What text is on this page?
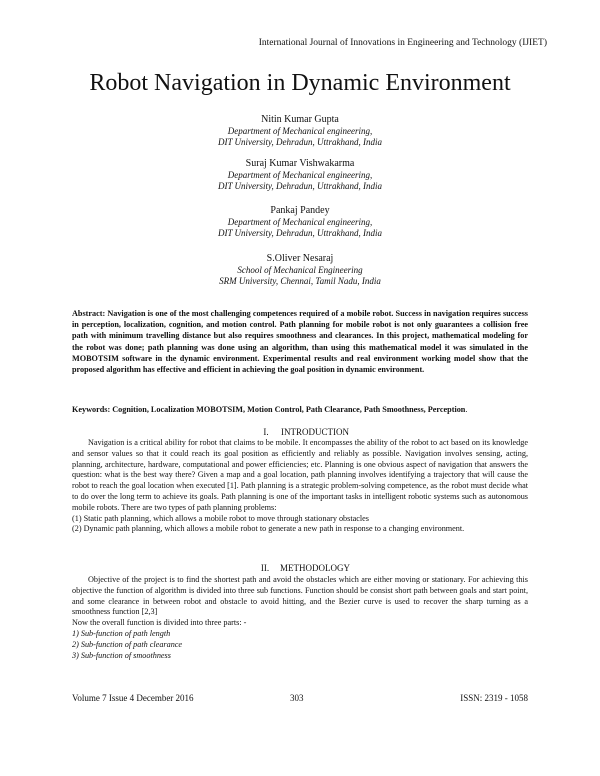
International Journal of Innovations in Engineering and Technology (IJIET)
Robot Navigation in Dynamic Environment
Nitin Kumar Gupta
Department of Mechanical engineering,
DIT University, Dehradun, Uttrakhand, India
Suraj Kumar Vishwakarma
Department of Mechanical engineering,
DIT University, Dehradun, Uttrakhand, India
Pankaj Pandey
Department of Mechanical engineering,
DIT University, Dehradun, Uttrakhand, India
S.Oliver Nesaraj
School of Mechanical Engineering
SRM University, Chennai, Tamil Nadu, India
Abstract: Navigation is one of the most challenging competences required of a mobile robot. Success in navigation requires success in perception, localization, cognition, and motion control. Path planning for mobile robot is not only guarantees a collision free path with minimum travelling distance but also requires smoothness and clearances. In this project, mathematical modeling for the robot was done; path planning was done using an algorithm, than using this mathematical model it was simulated in the MOBOTSIM software in the dynamic environment. Experimental results and real environment working model show that the proposed algorithm has effective and efficient in achieving the goal position in dynamic environment.
Keywords: Cognition, Localization MOBOTSIM, Motion Control, Path Clearance, Path Smoothness, Perception.
I. INTRODUCTION

Navigation is a critical ability for robot that claims to be mobile. It encompasses the ability of the robot to act based on its knowledge and sensor values so that it could reach its goal position as efficiently and reliably as possible. Navigation involves sensing, acting, planning, architecture, hardware, computational and power efficiencies; etc. Planning is one obvious aspect of navigation that answers the question: what is the best way there? Given a map and a goal location, path planning involves identifying a trajectory that will cause the robot to reach the goal location when executed [1]. Path planning is a strategic problem-solving competence, as the robot must decide what to do over the long term to achieve its goals. Path planning is one of the important tasks in intelligent robotic systems such as autonomous mobile robots. There are two types of path planning problems:

(1) Static path planning, which allows a mobile robot to move through stationary obstacles

(2) Dynamic path planning, which allows a mobile robot to generate a new path in response to a changing environment.

II. METHODOLOGY

Objective of the project is to find the shortest path and avoid the obstacles which are either moving or stationary. For achieving this objective the function of algorithm is divided into three sub functions. Function should be consist short path between goals and start point, and some clearance in between robot and obstacle to avoid hitting, and the Bezier curve is used to recover the sharp turning as a smoothness function [2,3]

Now the overall function is divided into three parts: -

1) Sub-function of path length

2) Sub-function of path clearance

3) Sub-function of smoothness

Volume 7 Issue 4 December 2016	303	ISSN: 2319 - 1058
